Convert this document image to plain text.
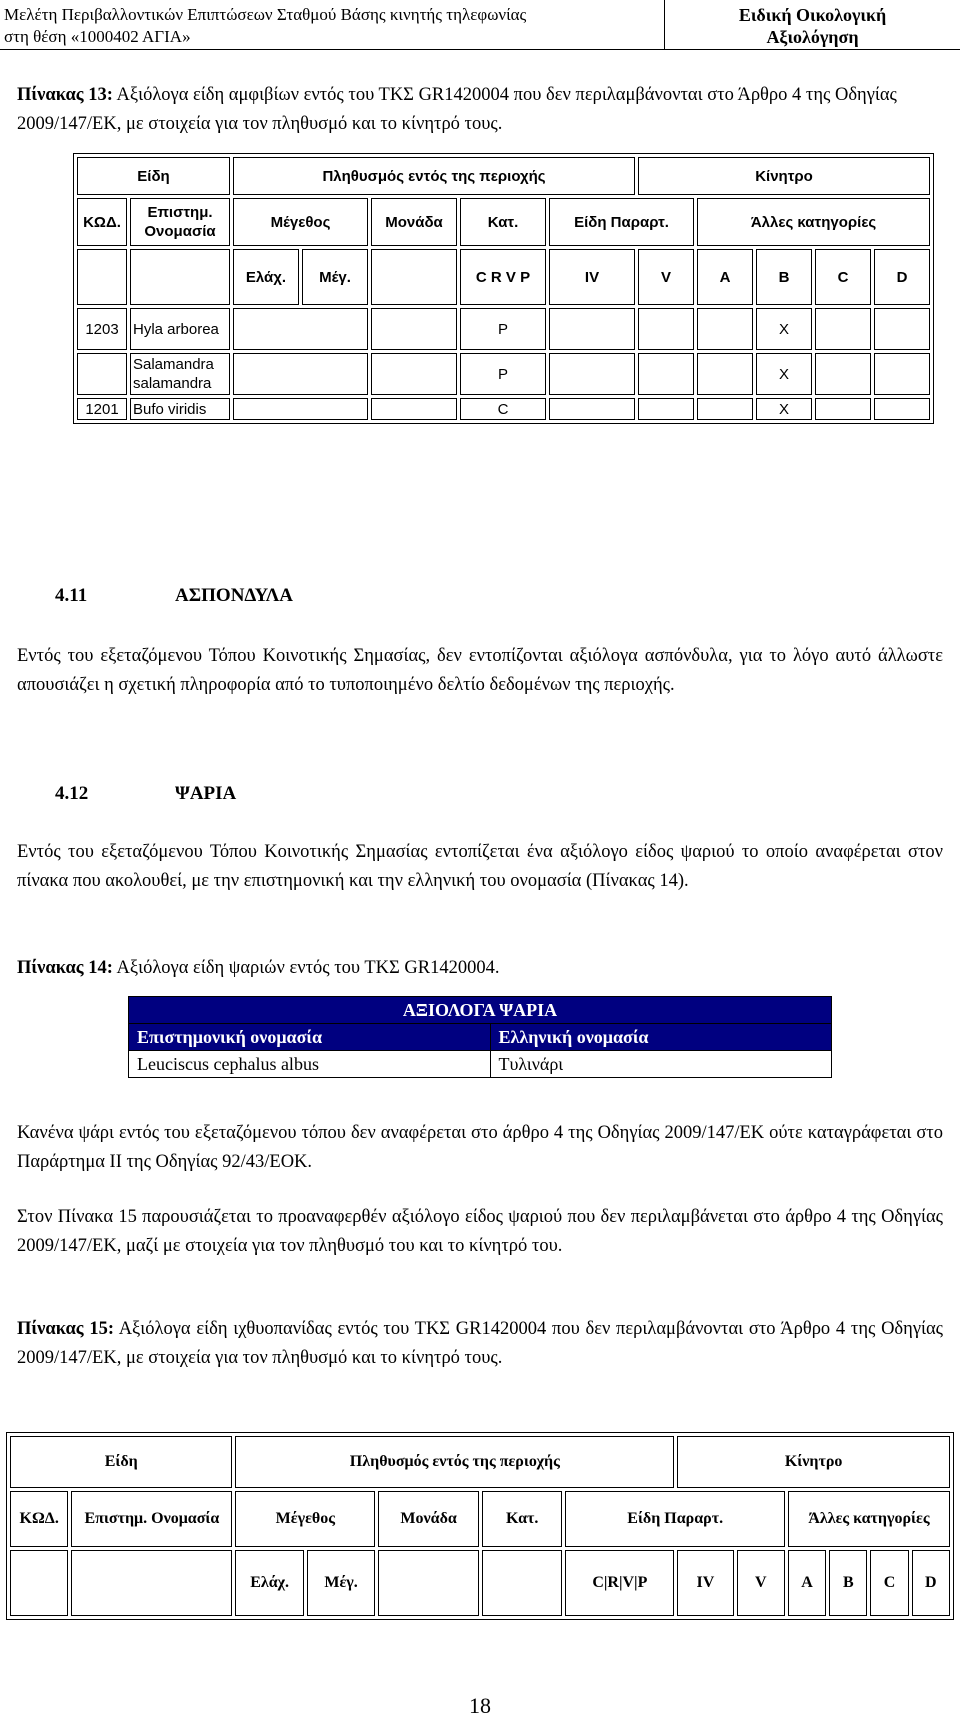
Μελέτη Περιβαλλοντικών Επιπτώσεων Σταθμού Βάσης κινητής τηλεφωνίας
στη θέση «1000402 ΑΓΙΑ»
Ειδική Οικολογική
Αξιολόγηση
Πίνακας 13: Αξιόλογα είδη αμφιβίων εντός του ΤΚΣ GR1420004 που δεν περιλαμβάνονται στο Άρθρο 4 της Οδηγίας 2009/147/ΕΚ, με στοιχεία για τον πληθυσμό και το κίνητρό τους.
Είδη		Πληθυσμός εντός της περιοχής					Κίνητρο				
ΚΩΔ.	Επιστημ. Ονομασία	Μέγεθος		Μονάδα	Κατ.	Είδη Παραρτ.		Άλλες κατηγορίες			
		Ελάχ.	Μέγ.		C R V P	IV	V	A	B	C	D
1203	Hyla arborea				P				X		
	Salamandra salamandra				P				X		
1201	Bufo viridis				C				X		
4.11	ΑΣΠΟΝΔΥΛΑ
Εντός του εξεταζόμενου Τόπου Κοινοτικής Σημασίας, δεν εντοπίζονται αξιόλογα ασπόνδυλα, για το λόγο αυτό άλλωστε απουσιάζει η σχετική πληροφορία από το τυποποιημένο δελτίο δεδομένων της περιοχής.
4.12	ΨΑΡΙΑ
Εντός του εξεταζόμενου Τόπου Κοινοτικής Σημασίας εντοπίζεται ένα αξιόλογο είδος ψαριού το οποίο αναφέρεται στον πίνακα που ακολουθεί, με την επιστημονική και την ελληνική του ονομασία (Πίνακας 14).
Πίνακας 14: Αξιόλογα είδη ψαριών εντός του ΤΚΣ GR1420004.
ΑΞΙΟΛΟΓΑ ΨΑΡΙΑ	
Επιστημονική ονομασία	Ελληνική ονομασία
Leuciscus cephalus albus	Τυλινάρι
Κανένα ψάρι εντός του εξεταζόμενου τόπου δεν αναφέρεται στο άρθρο 4 της Οδηγίας 2009/147/ΕΚ ούτε καταγράφεται στο Παράρτημα ΙΙ της Οδηγίας 92/43/ΕΟΚ.
Στον Πίνακα 15 παρουσιάζεται το προαναφερθέν αξιόλογο είδος ψαριού που δεν περιλαμβάνεται στο άρθρο 4 της Οδηγίας 2009/147/ΕΚ, μαζί με στοιχεία για τον πληθυσμό του και το κίνητρό του.
Πίνακας 15: Αξιόλογα είδη ιχθυοπανίδας εντός του ΤΚΣ GR1420004 που δεν περιλαμβάνονται στο Άρθρο 4 της Οδηγίας 2009/147/ΕΚ, με στοιχεία για τον πληθυσμό και το κίνητρό τους.
Είδη		Πληθυσμός εντός της περιοχής					Κίνητρο					
ΚΩΔ.	Επιστημ. Ονομασία	Μέγεθος		Μονάδα	Κατ.	Είδη Παραρτ.			Άλλες κατηγορίες			
		Ελάχ.	Μέγ.			C|R|V|P	IV	V	A	B	C	D
18
